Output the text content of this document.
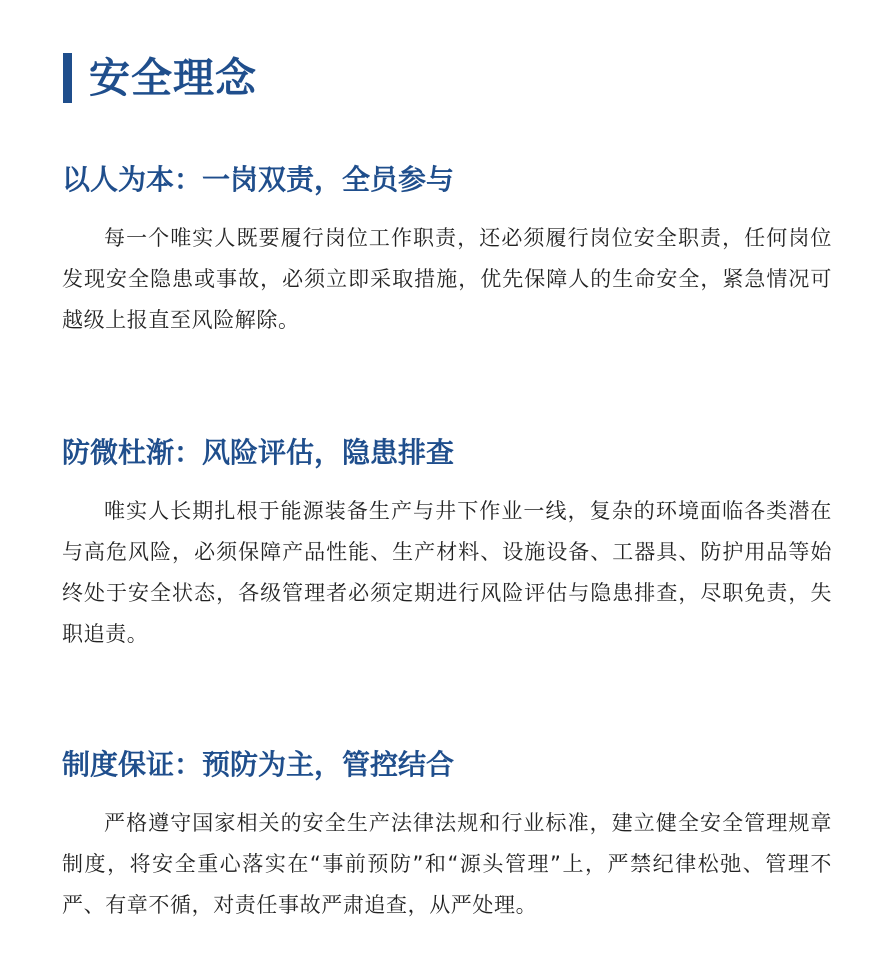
安全理念
以人为本：一岗双责，全员参与
每一个唯实人既要履行岗位工作职责，还必须履行岗位安全职责，任何岗位发现安全隐患或事故，必须立即采取措施，优先保障人的生命安全，紧急情况可越级上报直至风险解除。
防微杜渐：风险评估，隐患排查
唯实人长期扎根于能源装备生产与井下作业一线，复杂的环境面临各类潜在与高危风险，必须保障产品性能、生产材料、设施设备、工器具、防护用品等始终处于安全状态，各级管理者必须定期进行风险评估与隐患排查，尽职免责，失职追责。
制度保证：预防为主，管控结合
严格遵守国家相关的安全生产法律法规和行业标准，建立健全安全管理规章制度，将安全重心落实在“事前预防”和“源头管理”上，严禁纪律松弛、管理不严、有章不循，对责任事故严肃追查，从严处理。
